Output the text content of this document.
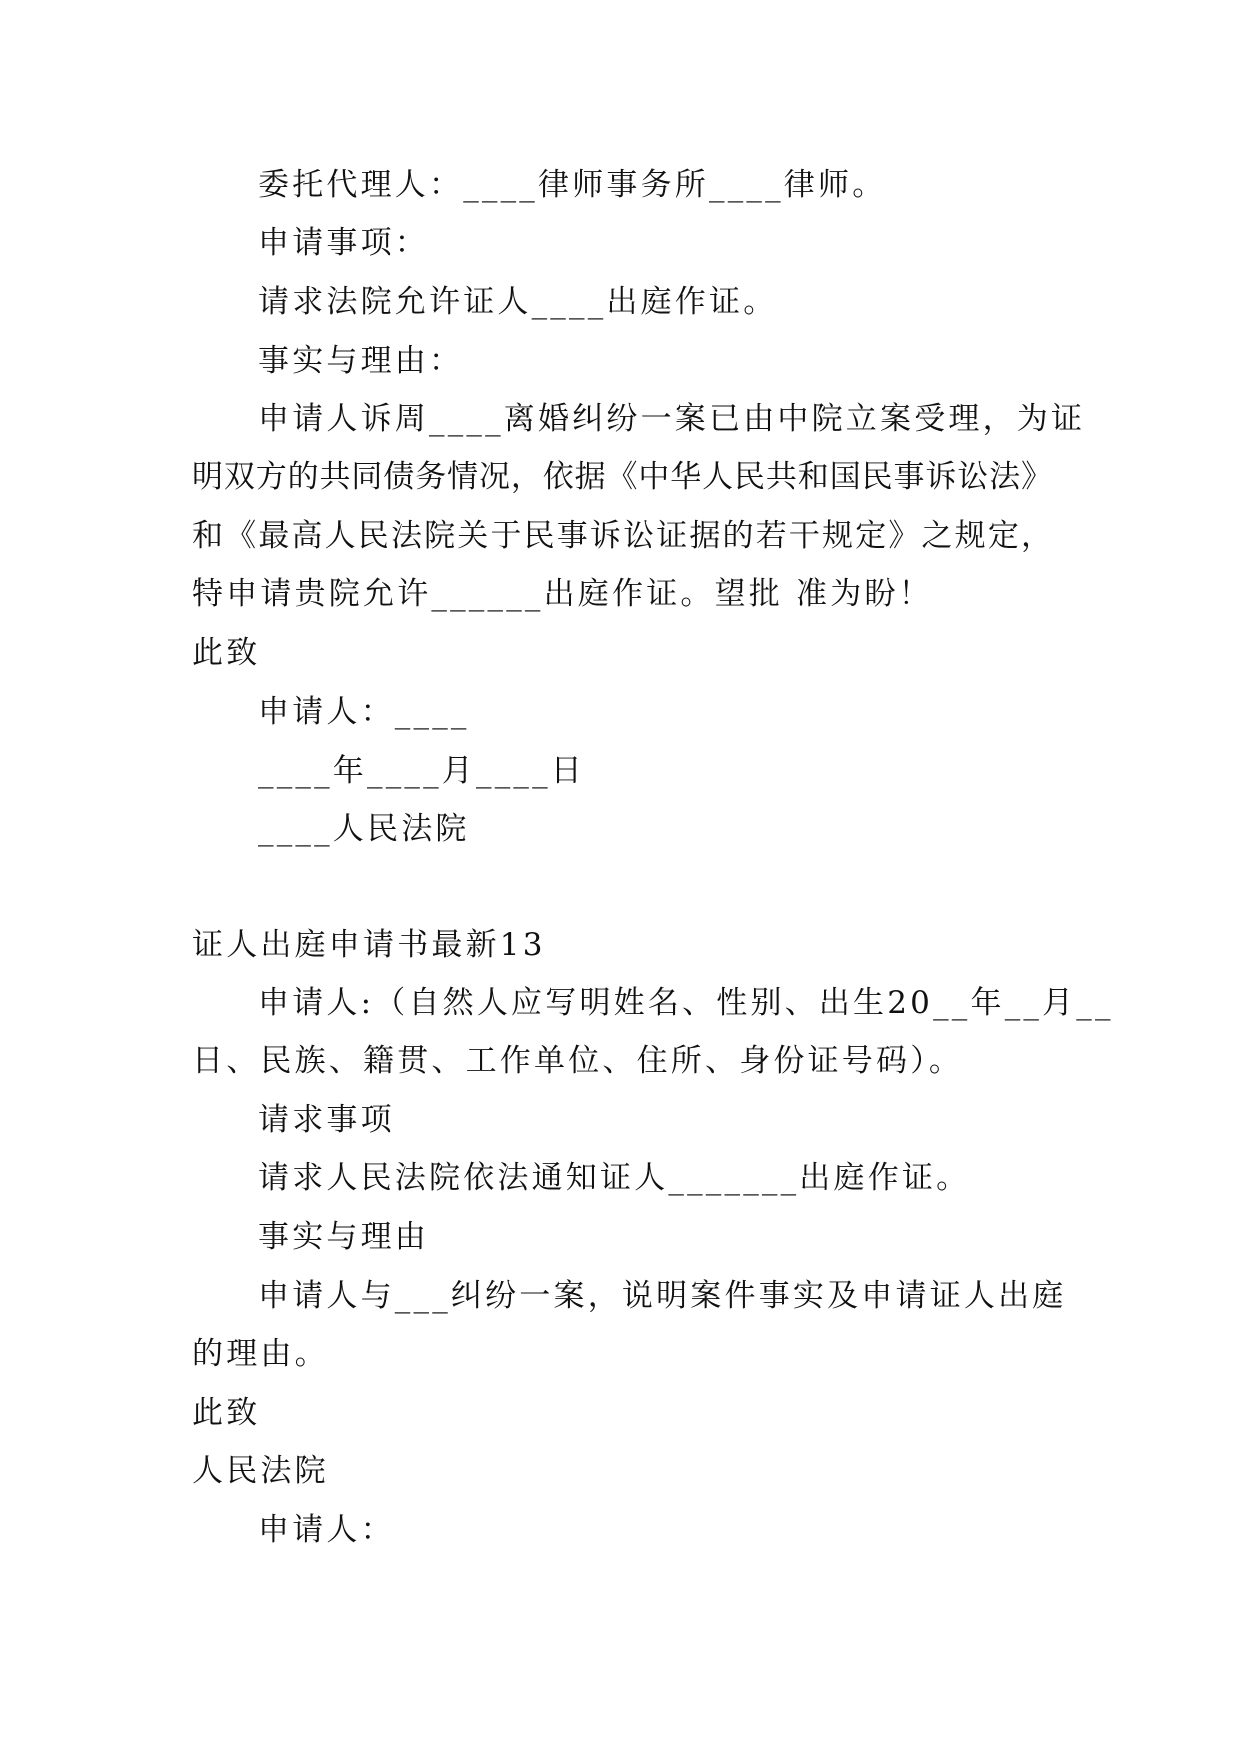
委托代理人：____律师事务所____律师。
申请事项：
请求法院允许证人____出庭作证。
事实与理由：
申请人诉周____离婚纠纷一案已由中院立案受理，为证
明双方的共同债务情况，依据《中华人民共和国民事诉讼法》
和《最高人民法院关于民事诉讼证据的若干规定》之规定，
特申请贵院允许______出庭作证。望批 准为盼！
此致
申请人：____
____年____月____日
____人民法院
证人出庭申请书最新13
申请人:（自然人应写明姓名、性别、出生20__年__月__
日、民族、籍贯、工作单位、住所、身份证号码）。
请求事项
请求人民法院依法通知证人_______出庭作证。
事实与理由
申请人与___纠纷一案，说明案件事实及申请证人出庭
的理由。
此致
人民法院
申请人：
